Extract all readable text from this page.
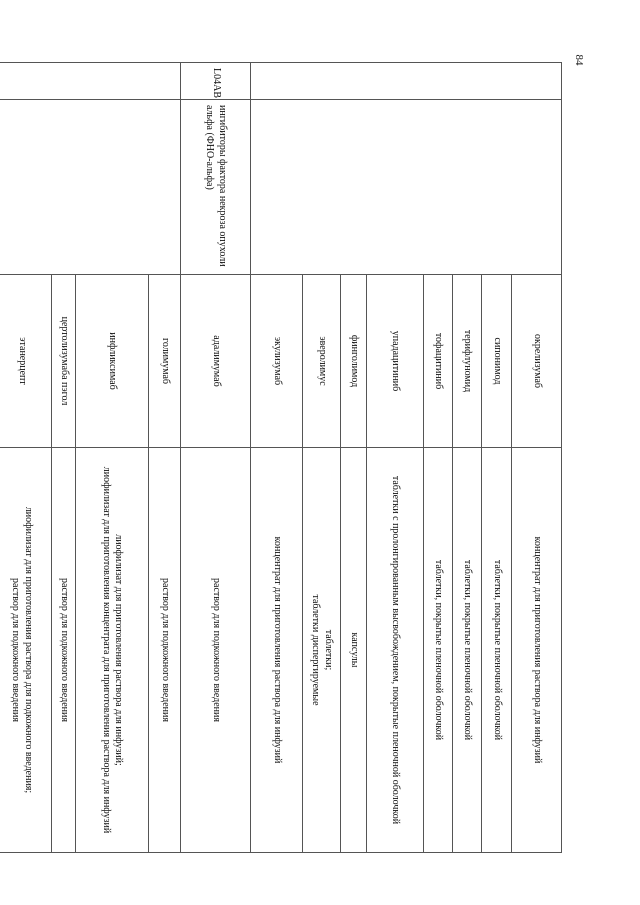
84
		окрелизумаб	концентрат для приготовления раствора для инфузий

		сипонимод	таблетки, покрытые пленочной оболочкой

		терифлуномид	таблетки, покрытые пленочной оболочкой

		тофацитиниб	таблетки, покрытые пленочной оболочкой

		упадацитиниб	таблетки с пролонгированным высвобождением, покрытые пленочной оболочкой

		финголимод	капсулы

		эверолимус	таблетки;
таблетки диспергируемые

		экулизумаб	концентрат для приготовления раствора для инфузий

L04AB	ингибиторы фактора некроза опухоли альфа (ФНО-альфа)	адалимумаб	раствор для подкожного введения

		голимумаб	раствор для подкожного введения

		инфликсимаб	лиофилизат для приготовления раствора для инфузий;
лиофилизат для приготовления концентрата для приготовления раствора для инфузий

		цертолизумаба пэгол	раствор для подкожного введения

		этанерцепт	лиофилизат для приготовления раствора для подкожного введения;
раствор для подкожного введения
